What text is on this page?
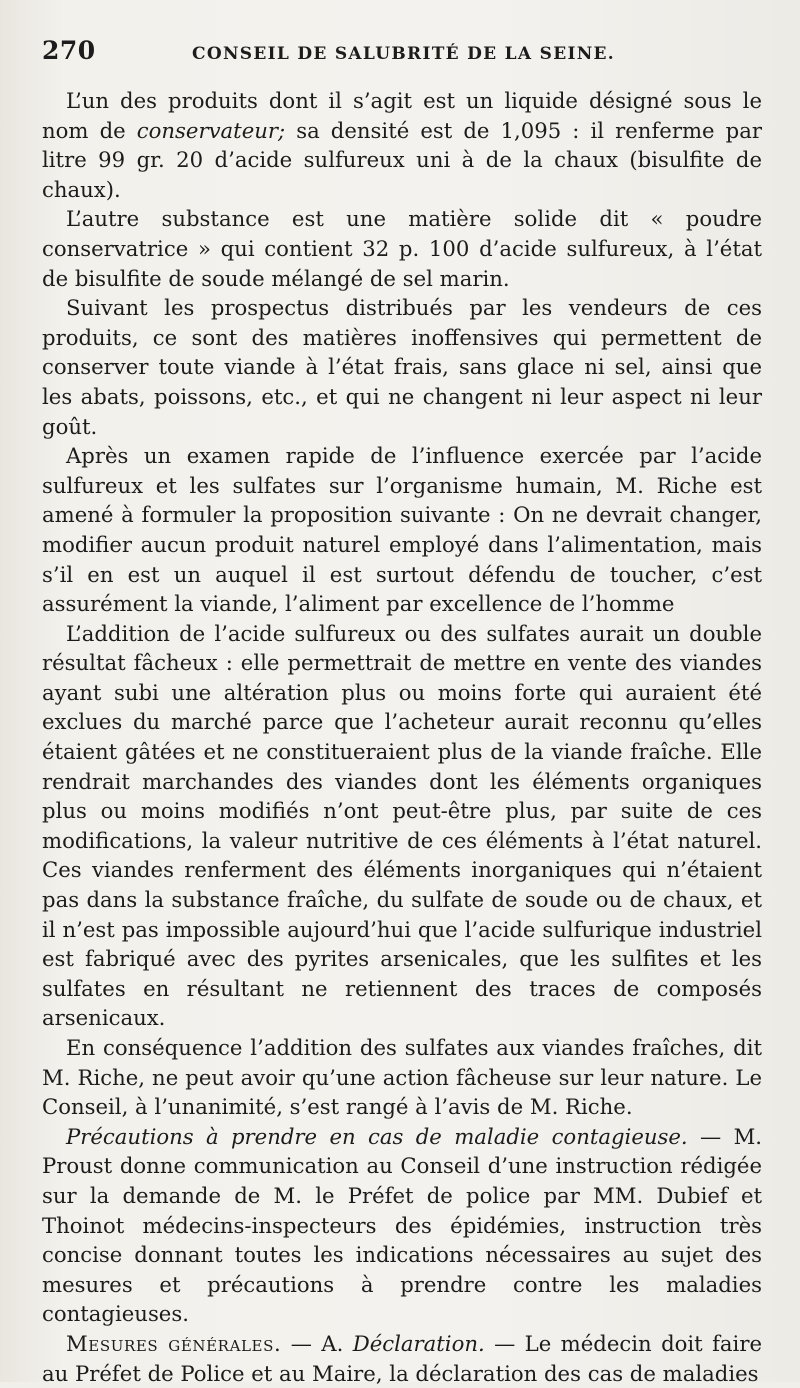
270	CONSEIL DE SALUBRITÉ DE LA SEINE.

L’un des produits dont il s’agit est un liquide désigné sous le nom de conservateur; sa densité est de 1,095 : il renferme par litre 99 gr. 20 d’acide sulfureux uni à de la chaux (bisulfite de chaux).

L’autre substance est une matière solide dit « poudre conservatrice » qui contient 32 p. 100 d’acide sulfureux, à l’état de bisulfite de soude mélangé de sel marin.

Suivant les prospectus distribués par les vendeurs de ces produits, ce sont des matières inoffensives qui permettent de conserver toute viande à l’état frais, sans glace ni sel, ainsi que les abats, poissons, etc., et qui ne changent ni leur aspect ni leur goût.

Après un examen rapide de l’influence exercée par l’acide sulfureux et les sulfates sur l’organisme humain, M. Riche est amené à formuler la proposition suivante : On ne devrait changer, modifier aucun produit naturel employé dans l’alimentation, mais s’il en est un auquel il est surtout défendu de toucher, c’est assurément la viande, l’aliment par excellence de l’homme

L’addition de l’acide sulfureux ou des sulfates aurait un double résultat fâcheux : elle permettrait de mettre en vente des viandes ayant subi une altération plus ou moins forte qui auraient été exclues du marché parce que l’acheteur aurait reconnu qu’elles étaient gâtées et ne constitueraient plus de la viande fraîche. Elle rendrait marchandes des viandes dont les éléments organiques plus ou moins modifiés n’ont peut-être plus, par suite de ces modifications, la valeur nutritive de ces éléments à l’état naturel. Ces viandes renferment des éléments inorganiques qui n’étaient pas dans la substance fraîche, du sulfate de soude ou de chaux, et il n’est pas impossible aujourd’hui que l’acide sulfurique industriel est fabriqué avec des pyrites arsenicales, que les sulfites et les sulfates en résultant ne retiennent des traces de composés arsenicaux.

En conséquence l’addition des sulfates aux viandes fraîches, dit M. Riche, ne peut avoir qu’une action fâcheuse sur leur nature. Le Conseil, à l’unanimité, s’est rangé à l’avis de M. Riche.

Précautions à prendre en cas de maladie contagieuse. — M. Proust donne communication au Conseil d’une instruction rédigée sur la demande de M. le Préfet de police par MM. Dubief et Thoinot médecins-inspecteurs des épidémies, instruction très concise donnant toutes les indications nécessaires au sujet des mesures et précautions à prendre contre les maladies contagieuses.

Mesures générales. — A. Déclaration. — Le médecin doit faire au Préfet de Police et au Maire, la déclaration des cas de maladies
